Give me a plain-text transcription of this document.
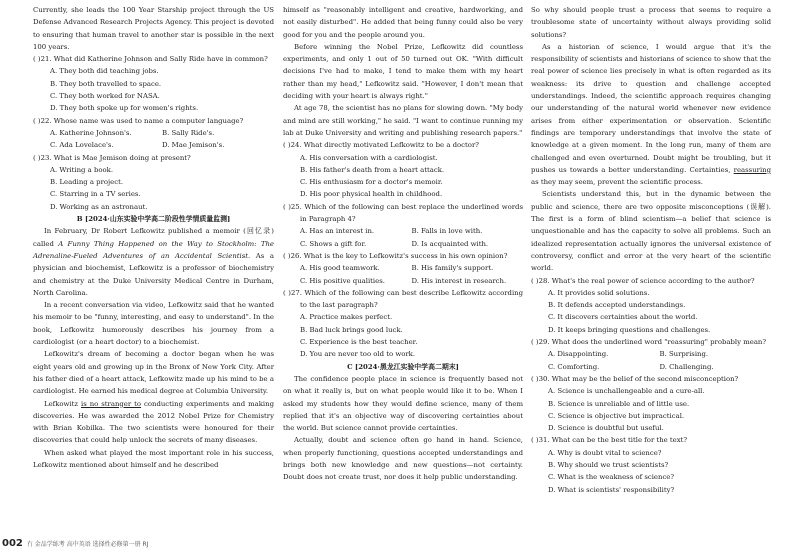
Currently, she leads the 100 Year Starship project through the US Defense Advanced Research Projects Agency. This project is devoted to ensuring that human travel to another star is possible in the next 100 years.

( )21. What did Katherine Johnson and Sally Ride have in common?

A. They both did teaching jobs.

B. They both travelled to space.

C. They both worked for NASA.

D. They both spoke up for women's rights.

( )22. Whose name was used to name a computer language?

A. Katherine Johnson's.	B. Sally Ride's.
C. Ada Lovelace's.	D. Mae Jemison's.

( )23. What is Mae Jemison doing at present?

A. Writing a book.

B. Leading a project.

C. Starring in a TV series.

D. Working as an astronaut.

B [2024·山东实验中学高二阶段性学情质量监测]

In February, Dr Robert Lefkowitz published a memoir (回忆录) called A Funny Thing Happened on the Way to Stockholm: The Adrenaline-Fueled Adventures of an Accidental Scientist. As a physician and biochemist, Lefkowitz is a professor of biochemistry and chemistry at the Duke University Medical Centre in Durham, North Carolina.

In a recent conversation via video, Lefkowitz said that he wanted his memoir to be "funny, interesting, and easy to understand". In the book, Lefkowitz humorously describes his journey from a cardiologist (or a heart doctor) to a biochemist.

Lefkowitz's dream of becoming a doctor began when he was eight years old and growing up in the Bronx of New York City. After his father died of a heart attack, Lefkowitz made up his mind to be a cardiologist. He earned his medical degree at Columbia University.

Lefkowitz is no stranger to conducting experiments and making discoveries. He was awarded the 2012 Nobel Prize for Chemistry with Brian Kobilka. The two scientists were honoured for their discoveries that could help unlock the secrets of many diseases.

When asked what played the most important role in his success, Lefkowitz mentioned about himself and he described

himself as "reasonably intelligent and creative, hardworking, and not easily disturbed". He added that being funny could also be very good for you and the people around you.

Before winning the Nobel Prize, Lefkowitz did countless experiments, and only 1 out of 50 turned out OK. "With difficult decisions I've had to make, I tend to make them with my heart rather than my head," Lefkowitz said. "However, I don't mean that deciding with your heart is always right."

At age 78, the scientist has no plans for slowing down. "My body and mind are still working," he said. "I want to continue running my lab at Duke University and writing and publishing research papers."

( )24. What directly motivated Lefkowitz to be a doctor?

A. His conversation with a cardiologist.

B. His father's death from a heart attack.

C. His enthusiasm for a doctor's memoir.

D. His poor physical health in childhood.

( )25. Which of the following can best replace the underlined words in Paragraph 4?

A. Has an interest in.	B. Falls in love with.
C. Shows a gift for.	D. Is acquainted with.

( )26. What is the key to Lefkowitz's success in his own opinion?

A. His good teamwork.	B. His family's support.
C. His positive qualities.	D. His interest in research.

( )27. Which of the following can best describe Lefkowitz according to the last paragraph?

A. Practice makes perfect.

B. Bad luck brings good luck.

C. Experience is the best teacher.

D. You are never too old to work.

C [2024·黑龙江实验中学高二期末]

The confidence people place in science is frequently based not on what it really is, but on what people would like it to be. When I asked my students how they would define science, many of them replied that it's an objective way of discovering certainties about the world. But science cannot provide certainties.

Actually, doubt and science often go hand in hand. Science, when properly functioning, questions accepted understandings and brings both new knowledge and new questions—not certainty. Doubt does not create trust, nor does it help public understanding.

So why should people trust a process that seems to require a troublesome state of uncertainty without always providing solid solutions?

As a historian of science, I would argue that it's the responsibility of scientists and historians of science to show that the real power of science lies precisely in what is often regarded as its weakness: its drive to question and challenge accepted understandings. Indeed, the scientific approach requires changing our understanding of the natural world whenever new evidence arises from either experimentation or observation. Scientific findings are temporary understandings that involve the state of knowledge at a given moment. In the long run, many of them are challenged and even overturned. Doubt might be troubling, but it pushes us towards a better understanding. Certainties, reassuring as they may seem, prevent the scientific process.

Scientists understand this, but in the dynamic between the public and science, there are two opposite misconceptions (误解). The first is a form of blind scientism—a belief that science is unquestionable and has the capacity to solve all problems. Such an idealized representation actually ignores the universal existence of controversy, conflict and error at the very heart of the scientific world.

( )28. What's the real power of science according to the author?

A. It provides solid solutions.

B. It defends accepted understandings.

C. It discovers certainties about the world.

D. It keeps bringing questions and challenges.

( )29. What does the underlined word "reassuring" probably mean?

A. Disappointing.	B. Surprising.
C. Comforting.	D. Challenging.

( )30. What may be the belief of the second misconception?

A. Science is unchallengeable and a cure-all.

B. Science is unreliable and of little use.

C. Science is objective but impractical.

D. Science is doubtful but useful.

( )31. What can be the best title for the text?

A. Why is doubt vital to science?

B. Why should we trust scientists?

C. What is the weakness of science?

D. What is scientists' responsibility?

002 冇 金品学练考 高中英语 选择性必修第一册 RJ
